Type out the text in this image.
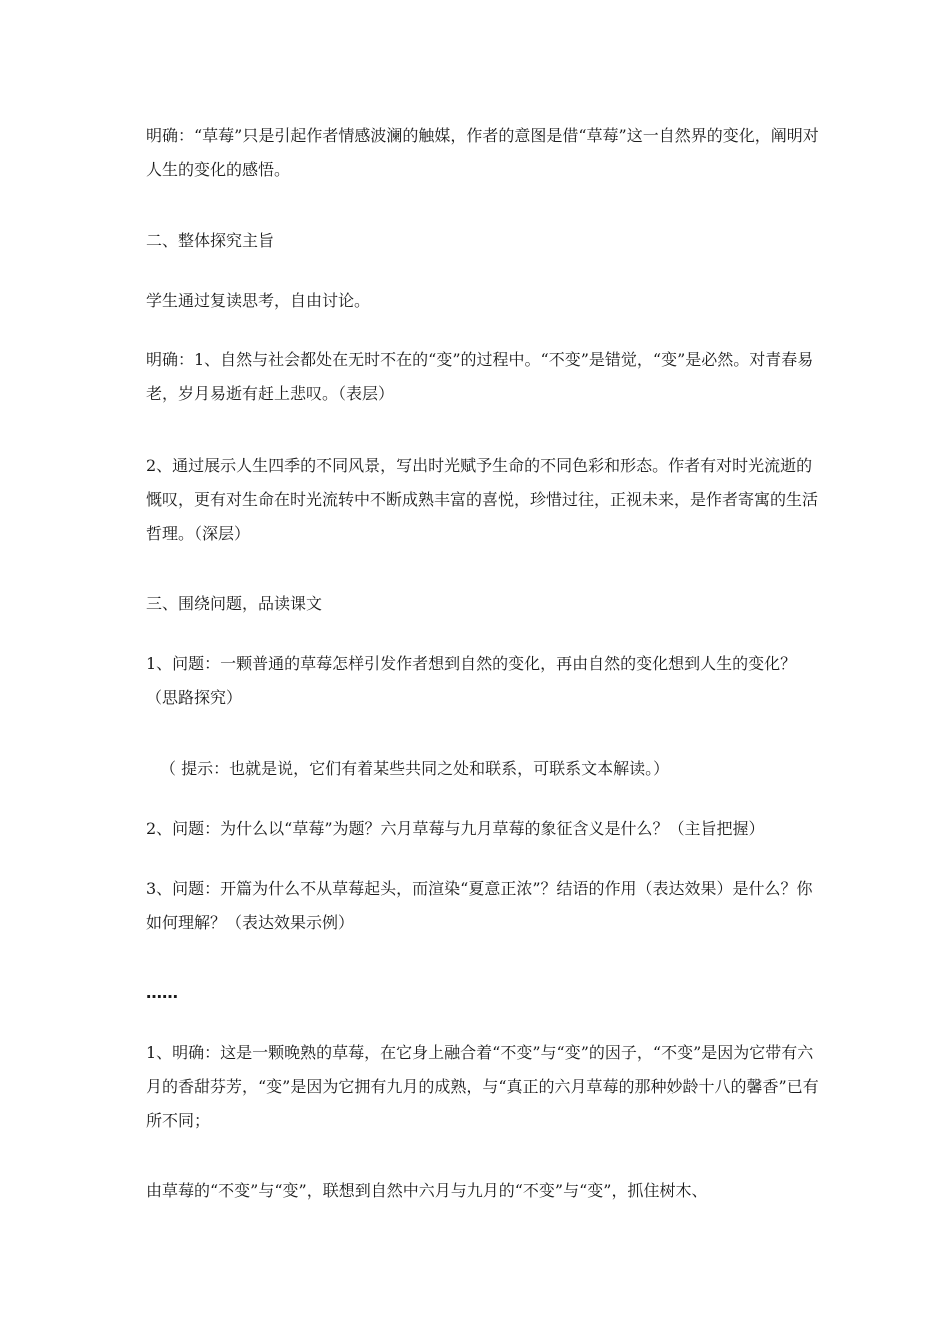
明确：“草莓”只是引起作者情感波澜的触媒，作者的意图是借“草莓”这一自然界的变化，阐明对人生的变化的感悟。

二、整体探究主旨

学生通过复读思考，自由讨论。

明确：1、自然与社会都处在无时不在的“变”的过程中。“不变”是错觉，“变”是必然。对青春易老，岁月易逝有赶上悲叹。（表层）

2、通过展示人生四季的不同风景，写出时光赋予生命的不同色彩和形态。作者有对时光流逝的慨叹，更有对生命在时光流转中不断成熟丰富的喜悦，珍惜过往，正视未来，是作者寄寓的生活哲理。（深层）

三、围绕问题，品读课文

1、问题：一颗普通的草莓怎样引发作者想到自然的变化，再由自然的变化想到人生的变化？（思路探究）

（ 提示：也就是说，它们有着某些共同之处和联系，可联系文本解读。）

2、问题：为什么以“草莓”为题？六月草莓与九月草莓的象征含义是什么？（主旨把握）

3、问题：开篇为什么不从草莓起头，而渲染“夏意正浓”？结语的作用（表达效果）是什么？你如何理解？（表达效果示例）

……

1、明确：这是一颗晚熟的草莓，在它身上融合着“不变”与“变”的因子，“不变”是因为它带有六月的香甜芬芳，“变”是因为它拥有九月的成熟，与“真正的六月草莓的那种妙龄十八的馨香”已有所不同；

由草莓的“不变”与“变”，联想到自然中六月与九月的“不变”与“变”，抓住树木、
